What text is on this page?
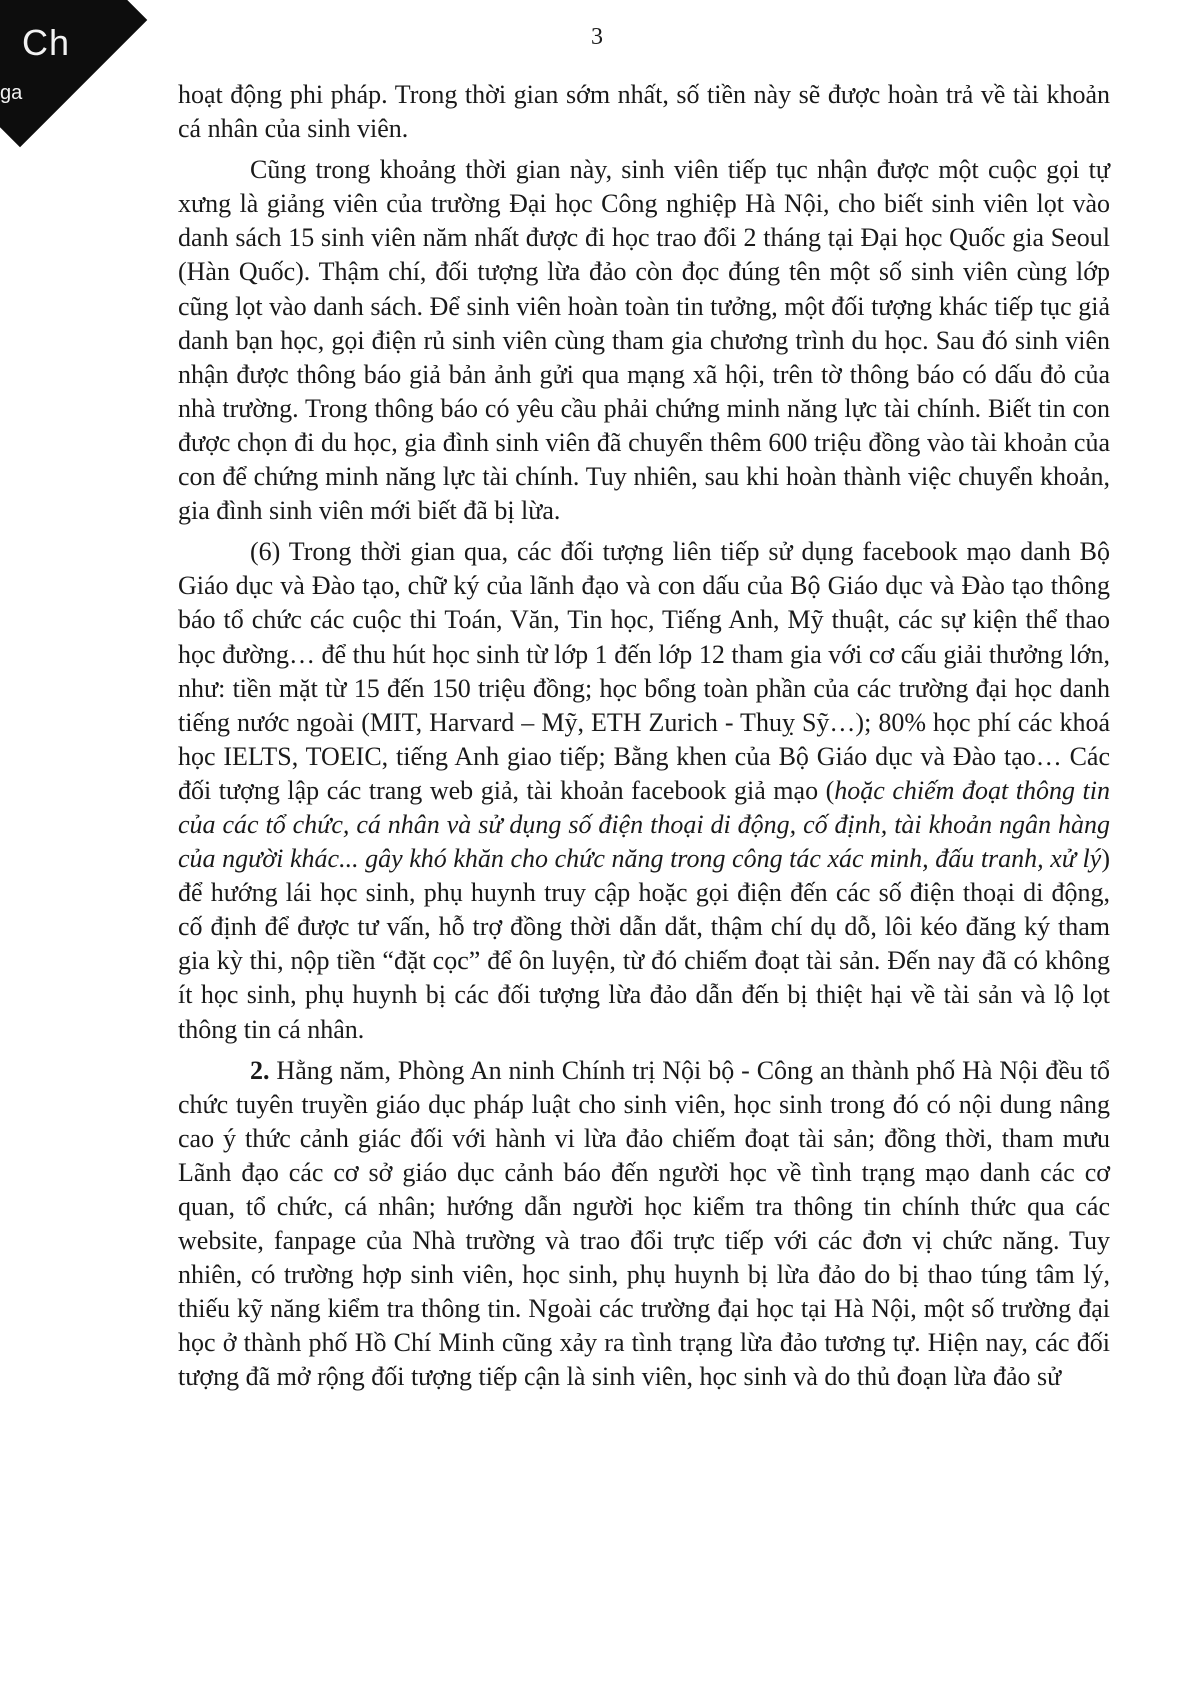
Ch
ga
3

hoạt động phi pháp. Trong thời gian sớm nhất, số tiền này sẽ được hoàn trả về tài khoản cá nhân của sinh viên.

Cũng trong khoảng thời gian này, sinh viên tiếp tục nhận được một cuộc gọi tự xưng là giảng viên của trường Đại học Công nghiệp Hà Nội, cho biết sinh viên lọt vào danh sách 15 sinh viên năm nhất được đi học trao đổi 2 tháng tại Đại học Quốc gia Seoul (Hàn Quốc). Thậm chí, đối tượng lừa đảo còn đọc đúng tên một số sinh viên cùng lớp cũng lọt vào danh sách. Để sinh viên hoàn toàn tin tưởng, một đối tượng khác tiếp tục giả danh bạn học, gọi điện rủ sinh viên cùng tham gia chương trình du học. Sau đó sinh viên nhận được thông báo giả bản ảnh gửi qua mạng xã hội, trên tờ thông báo có dấu đỏ của nhà trường. Trong thông báo có yêu cầu phải chứng minh năng lực tài chính. Biết tin con được chọn đi du học, gia đình sinh viên đã chuyển thêm 600 triệu đồng vào tài khoản của con để chứng minh năng lực tài chính. Tuy nhiên, sau khi hoàn thành việc chuyển khoản, gia đình sinh viên mới biết đã bị lừa.

(6) Trong thời gian qua, các đối tượng liên tiếp sử dụng facebook mạo danh Bộ Giáo dục và Đào tạo, chữ ký của lãnh đạo và con dấu của Bộ Giáo dục và Đào tạo thông báo tổ chức các cuộc thi Toán, Văn, Tin học, Tiếng Anh, Mỹ thuật, các sự kiện thể thao học đường… để thu hút học sinh từ lớp 1 đến lớp 12 tham gia với cơ cấu giải thưởng lớn, như: tiền mặt từ 15 đến 150 triệu đồng; học bổng toàn phần của các trường đại học danh tiếng nước ngoài (MIT, Harvard – Mỹ, ETH Zurich - Thuỵ Sỹ…); 80% học phí các khoá học IELTS, TOEIC, tiếng Anh giao tiếp; Bằng khen của Bộ Giáo dục và Đào tạo… Các đối tượng lập các trang web giả, tài khoản facebook giả mạo (hoặc chiếm đoạt thông tin của các tổ chức, cá nhân và sử dụng số điện thoại di động, cố định, tài khoản ngân hàng của người khác... gây khó khăn cho chức năng trong công tác xác minh, đấu tranh, xử lý) để hướng lái học sinh, phụ huynh truy cập hoặc gọi điện đến các số điện thoại di động, cố định để được tư vấn, hỗ trợ đồng thời dẫn dắt, thậm chí dụ dỗ, lôi kéo đăng ký tham gia kỳ thi, nộp tiền “đặt cọc” để ôn luyện, từ đó chiếm đoạt tài sản. Đến nay đã có không ít học sinh, phụ huynh bị các đối tượng lừa đảo dẫn đến bị thiệt hại về tài sản và lộ lọt thông tin cá nhân.

2. Hằng năm, Phòng An ninh Chính trị Nội bộ - Công an thành phố Hà Nội đều tổ chức tuyên truyền giáo dục pháp luật cho sinh viên, học sinh trong đó có nội dung nâng cao ý thức cảnh giác đối với hành vi lừa đảo chiếm đoạt tài sản; đồng thời, tham mưu Lãnh đạo các cơ sở giáo dục cảnh báo đến người học về tình trạng mạo danh các cơ quan, tổ chức, cá nhân; hướng dẫn người học kiểm tra thông tin chính thức qua các website, fanpage của Nhà trường và trao đổi trực tiếp với các đơn vị chức năng. Tuy nhiên, có trường hợp sinh viên, học sinh, phụ huynh bị lừa đảo do bị thao túng tâm lý, thiếu kỹ năng kiểm tra thông tin. Ngoài các trường đại học tại Hà Nội, một số trường đại học ở thành phố Hồ Chí Minh cũng xảy ra tình trạng lừa đảo tương tự. Hiện nay, các đối tượng đã mở rộng đối tượng tiếp cận là sinh viên, học sinh và do thủ đoạn lừa đảo sử
